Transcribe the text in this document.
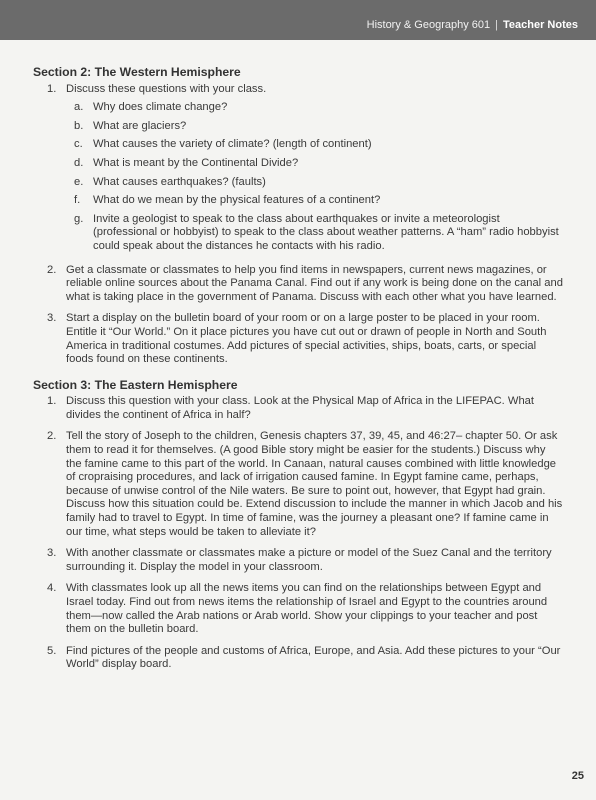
History & Geography 601 | Teacher Notes
Section 2: The Western Hemisphere
1. Discuss these questions with your class.
a. Why does climate change?
b. What are glaciers?
c. What causes the variety of climate? (length of continent)
d. What is meant by the Continental Divide?
e. What causes earthquakes? (faults)
f. What do we mean by the physical features of a continent?
g. Invite a geologist to speak to the class about earthquakes or invite a meteorologist (professional or hobbyist) to speak to the class about weather patterns. A “ham” radio hobbyist could speak about the distances he contacts with his radio.
2. Get a classmate or classmates to help you find items in newspapers, current news magazines, or reliable online sources about the Panama Canal. Find out if any work is being done on the canal and what is taking place in the government of Panama. Discuss with each other what you have learned.
3. Start a display on the bulletin board of your room or on a large poster to be placed in your room. Entitle it “Our World.” On it place pictures you have cut out or drawn of people in North and South America in traditional costumes. Add pictures of special activities, ships, boats, carts, or special foods found on these continents.
Section 3: The Eastern Hemisphere
1. Discuss this question with your class. Look at the Physical Map of Africa in the LIFEPAC. What divides the continent of Africa in half?
2. Tell the story of Joseph to the children, Genesis chapters 37, 39, 45, and 46:27– chapter 50. Or ask them to read it for themselves. (A good Bible story might be easier for the students.) Discuss why the famine came to this part of the world. In Canaan, natural causes combined with little knowledge of cropraising procedures, and lack of irrigation caused famine. In Egypt famine came, perhaps, because of unwise control of the Nile waters. Be sure to point out, however, that Egypt had grain. Discuss how this situation could be. Extend discussion to include the manner in which Jacob and his family had to travel to Egypt. In time of famine, was the journey a pleasant one? If famine came in our time, what steps would be taken to alleviate it?
3. With another classmate or classmates make a picture or model of the Suez Canal and the territory surrounding it. Display the model in your classroom.
4. With classmates look up all the news items you can find on the relationships between Egypt and Israel today. Find out from news items the relationship of Israel and Egypt to the countries around them—now called the Arab nations or Arab world. Show your clippings to your teacher and post them on the bulletin board.
5. Find pictures of the people and customs of Africa, Europe, and Asia. Add these pictures to your “Our World” display board.
25
